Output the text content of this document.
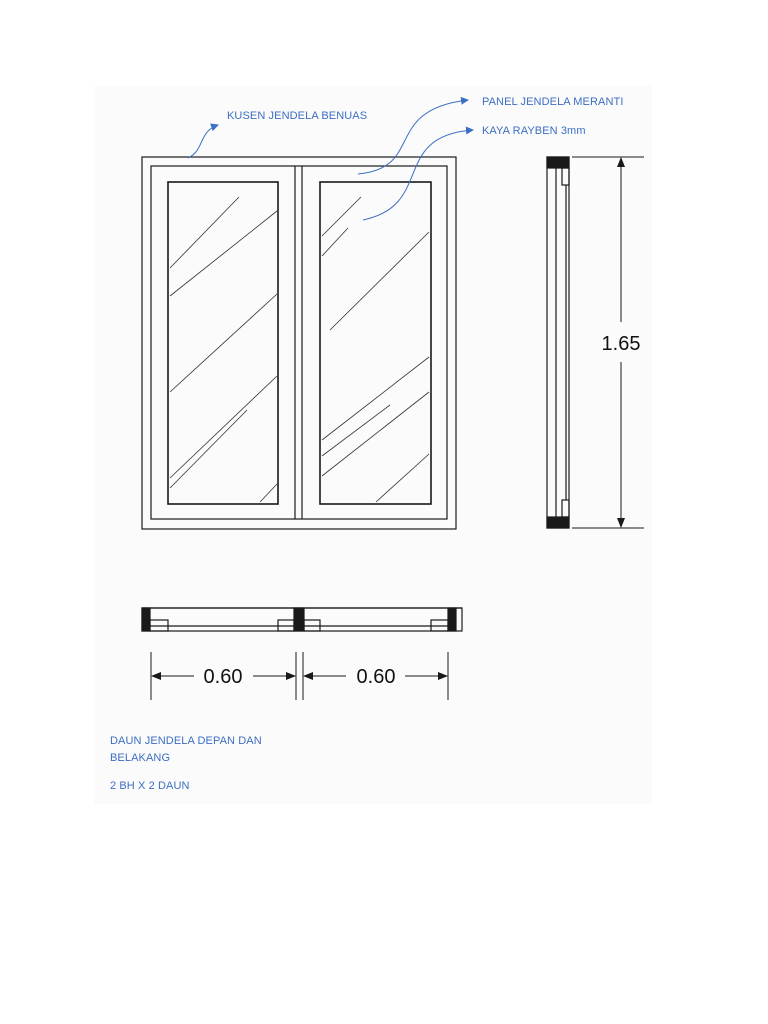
1.65
0.60	0.60
KUSEN JENDELA BENUAS
PANEL JENDELA MERANTI
KAYA RAYBEN 3mm
DAUN JENDELA DEPAN DAN
BELAKANG
2 BH X 2 DAUN
